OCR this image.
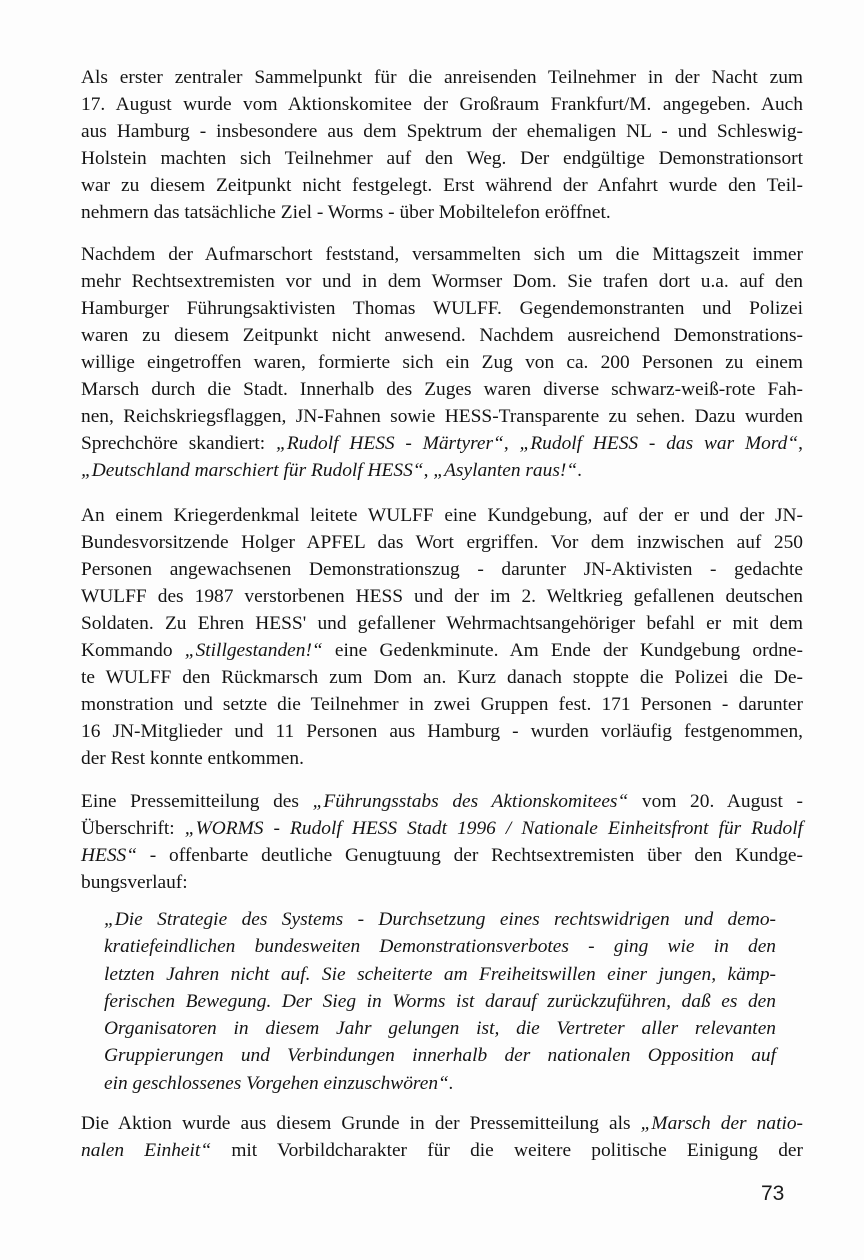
Als erster zentraler Sammelpunkt für die anreisenden Teilnehmer in der Nacht zum
17. August wurde vom Aktionskomitee der Großraum Frankfurt/M. angegeben. Auch
aus Hamburg - insbesondere aus dem Spektrum der ehemaligen NL - und Schleswig-
Holstein machten sich Teilnehmer auf den Weg. Der endgültige Demonstrationsort
war zu diesem Zeitpunkt nicht festgelegt. Erst während der Anfahrt wurde den Teil-
nehmern das tatsächliche Ziel - Worms - über Mobiltelefon eröffnet.
Nachdem der Aufmarschort feststand, versammelten sich um die Mittagszeit immer
mehr Rechtsextremisten vor und in dem Wormser Dom. Sie trafen dort u.a. auf den
Hamburger Führungsaktivisten Thomas WULFF. Gegendemonstranten und Polizei
waren zu diesem Zeitpunkt nicht anwesend. Nachdem ausreichend Demonstrations-
willige eingetroffen waren, formierte sich ein Zug von ca. 200 Personen zu einem
Marsch durch die Stadt. Innerhalb des Zuges waren diverse schwarz-weiß-rote Fah-
nen, Reichskriegsflaggen, JN-Fahnen sowie HESS-Transparente zu sehen. Dazu wurden
Sprechchöre skandiert: „Rudolf HESS - Märtyrer“, „Rudolf HESS - das war Mord“,
„Deutschland marschiert für Rudolf HESS“, „Asylanten raus!“.
An einem Kriegerdenkmal leitete WULFF eine Kundgebung, auf der er und der JN-
Bundesvorsitzende Holger APFEL das Wort ergriffen. Vor dem inzwischen auf 250
Personen angewachsenen Demonstrationszug - darunter JN-Aktivisten - gedachte
WULFF des 1987 verstorbenen HESS und der im 2. Weltkrieg gefallenen deutschen
Soldaten. Zu Ehren HESS' und gefallener Wehrmachtsangehöriger befahl er mit dem
Kommando „Stillgestanden!“ eine Gedenkminute. Am Ende der Kundgebung ordne-
te WULFF den Rückmarsch zum Dom an. Kurz danach stoppte die Polizei die De-
monstration und setzte die Teilnehmer in zwei Gruppen fest. 171 Personen - darunter
16 JN-Mitglieder und 11 Personen aus Hamburg - wurden vorläufig festgenommen,
der Rest konnte entkommen.
Eine Pressemitteilung des „Führungsstabs des Aktionskomitees“ vom 20. August -
Überschrift: „WORMS - Rudolf HESS Stadt 1996 / Nationale Einheitsfront für Rudolf
HESS“ - offenbarte deutliche Genugtuung der Rechtsextremisten über den Kundge-
bungsverlauf:
„Die Strategie des Systems - Durchsetzung eines rechtswidrigen und demo-
kratiefeindlichen bundesweiten Demonstrationsverbotes - ging wie in den
letzten Jahren nicht auf. Sie scheiterte am Freiheitswillen einer jungen, kämp-
ferischen Bewegung. Der Sieg in Worms ist darauf zurückzuführen, daß es den
Organisatoren in diesem Jahr gelungen ist, die Vertreter aller relevanten
Gruppierungen und Verbindungen innerhalb der nationalen Opposition auf
ein geschlossenes Vorgehen einzuschwören“.
Die Aktion wurde aus diesem Grunde in der Pressemitteilung als „Marsch der natio-
nalen Einheit“ mit Vorbildcharakter für die weitere politische Einigung der
73
